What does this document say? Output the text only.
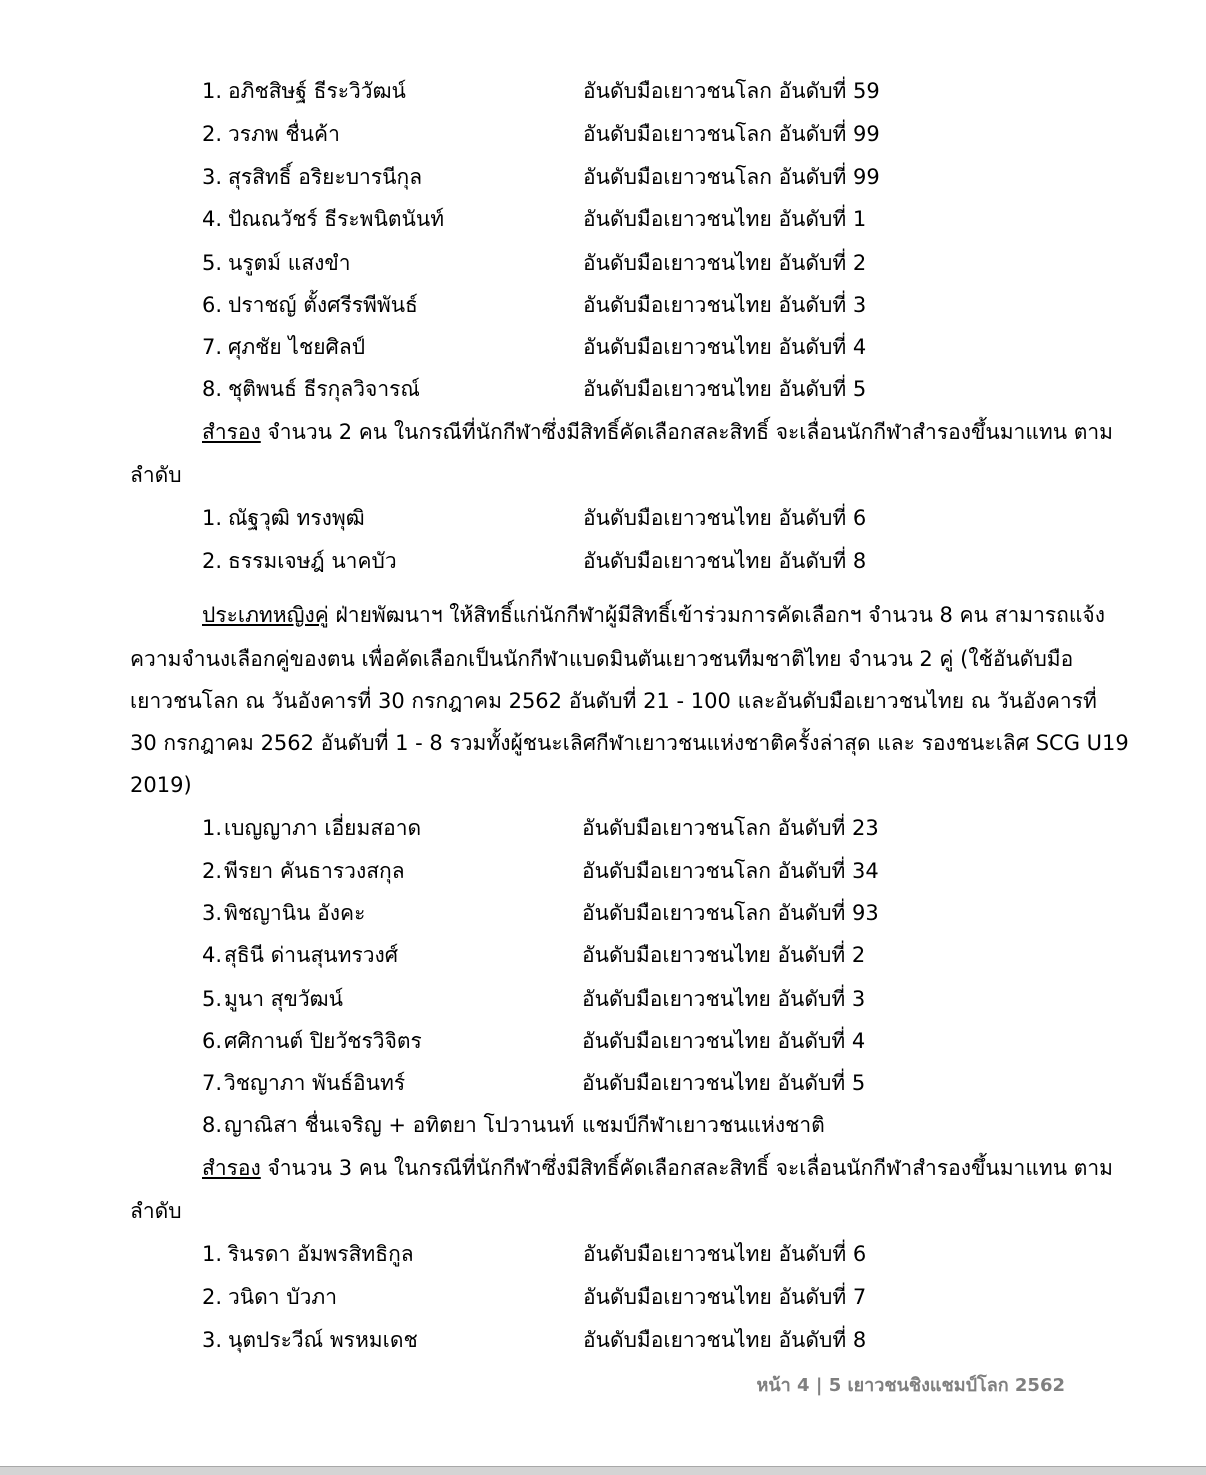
1. อภิชสิษฐ์ ธีระวิวัฒน์	อันดับมือเยาวชนโลก อันดับที่ 59
2. วรภพ ชื่นค้า	อันดับมือเยาวชนโลก อันดับที่ 99
3. สุรสิทธิ์ อริยะบารนีกุล	อันดับมือเยาวชนโลก อันดับที่ 99
4. ปัณณวัชร์ ธีระพนิตนันท์	อันดับมือเยาวชนไทย อันดับที่ 1
5. นรูตม์ แสงขำ	อันดับมือเยาวชนไทย อันดับที่ 2
6. ปราชญ์ ตั้งศรีรพีพันธ์	อันดับมือเยาวชนไทย อันดับที่ 3
7. ศุภชัย ไชยศิลป์	อันดับมือเยาวชนไทย อันดับที่ 4
8. ชุติพนธ์ ธีรกุลวิจารณ์	อันดับมือเยาวชนไทย อันดับที่ 5
สำรอง จำนวน 2 คน ในกรณีที่นักกีฬาซึ่งมีสิทธิ์คัดเลือกสละสิทธิ์ จะเลื่อนนักกีฬาสำรองขึ้นมาแทน ตาม
ลำดับ
1. ณัฐวุฒิ ทรงพุฒิ	อันดับมือเยาวชนไทย อันดับที่ 6
2. ธรรมเจษฎ์ นาคบัว	อันดับมือเยาวชนไทย อันดับที่ 8
ประเภทหญิงคู่ ฝ่ายพัฒนาฯ ให้สิทธิ์แก่นักกีฬาผู้มีสิทธิ์เข้าร่วมการคัดเลือกฯ จำนวน 8 คน สามารถแจ้ง
ความจำนงเลือกคู่ของตน เพื่อคัดเลือกเป็นนักกีฬาแบดมินตันเยาวชนทีมชาติไทย จำนวน 2 คู่ (ใช้อันดับมือ
เยาวชนโลก ณ วันอังคารที่ 30 กรกฎาคม 2562 อันดับที่ 21 - 100 และอันดับมือเยาวชนไทย ณ วันอังคารที่
30 กรกฎาคม 2562 อันดับที่ 1 - 8 รวมทั้งผู้ชนะเลิศกีฬาเยาวชนแห่งชาติครั้งล่าสุด และ รองชนะเลิศ SCG U19
2019)
1. เบญญาภา เอี่ยมสอาด	อันดับมือเยาวชนโลก อันดับที่ 23
2. พีรยา คันธารวงสกุล	อันดับมือเยาวชนโลก อันดับที่ 34
3. พิชญานิน อังคะ	อันดับมือเยาวชนโลก อันดับที่ 93
4. สุธินี ด่านสุนทรวงศ์	อันดับมือเยาวชนไทย อันดับที่ 2
5. มูนา สุขวัฒน์	อันดับมือเยาวชนไทย อันดับที่ 3
6. ศศิกานต์ ปิยวัชรวิจิตร	อันดับมือเยาวชนไทย อันดับที่ 4
7. วิชญาภา พันธ์อินทร์	อันดับมือเยาวชนไทย อันดับที่ 5
8. ญาณิสา ชื่นเจริญ + อทิตยา โปวานนท์ แชมป์กีฬาเยาวชนแห่งชาติ
สำรอง จำนวน 3 คน ในกรณีที่นักกีฬาซึ่งมีสิทธิ์คัดเลือกสละสิทธิ์ จะเลื่อนนักกีฬาสำรองขึ้นมาแทน ตาม
ลำดับ
1. รินรดา อัมพรสิทธิกูล	อันดับมือเยาวชนไทย อันดับที่ 6
2. วนิดา บัวภา	อันดับมือเยาวชนไทย อันดับที่ 7
3. นุตประวีณ์ พรหมเดช	อันดับมือเยาวชนไทย อันดับที่ 8
หน้า 4 | 5 เยาวชนชิงแชมป์โลก 2562
